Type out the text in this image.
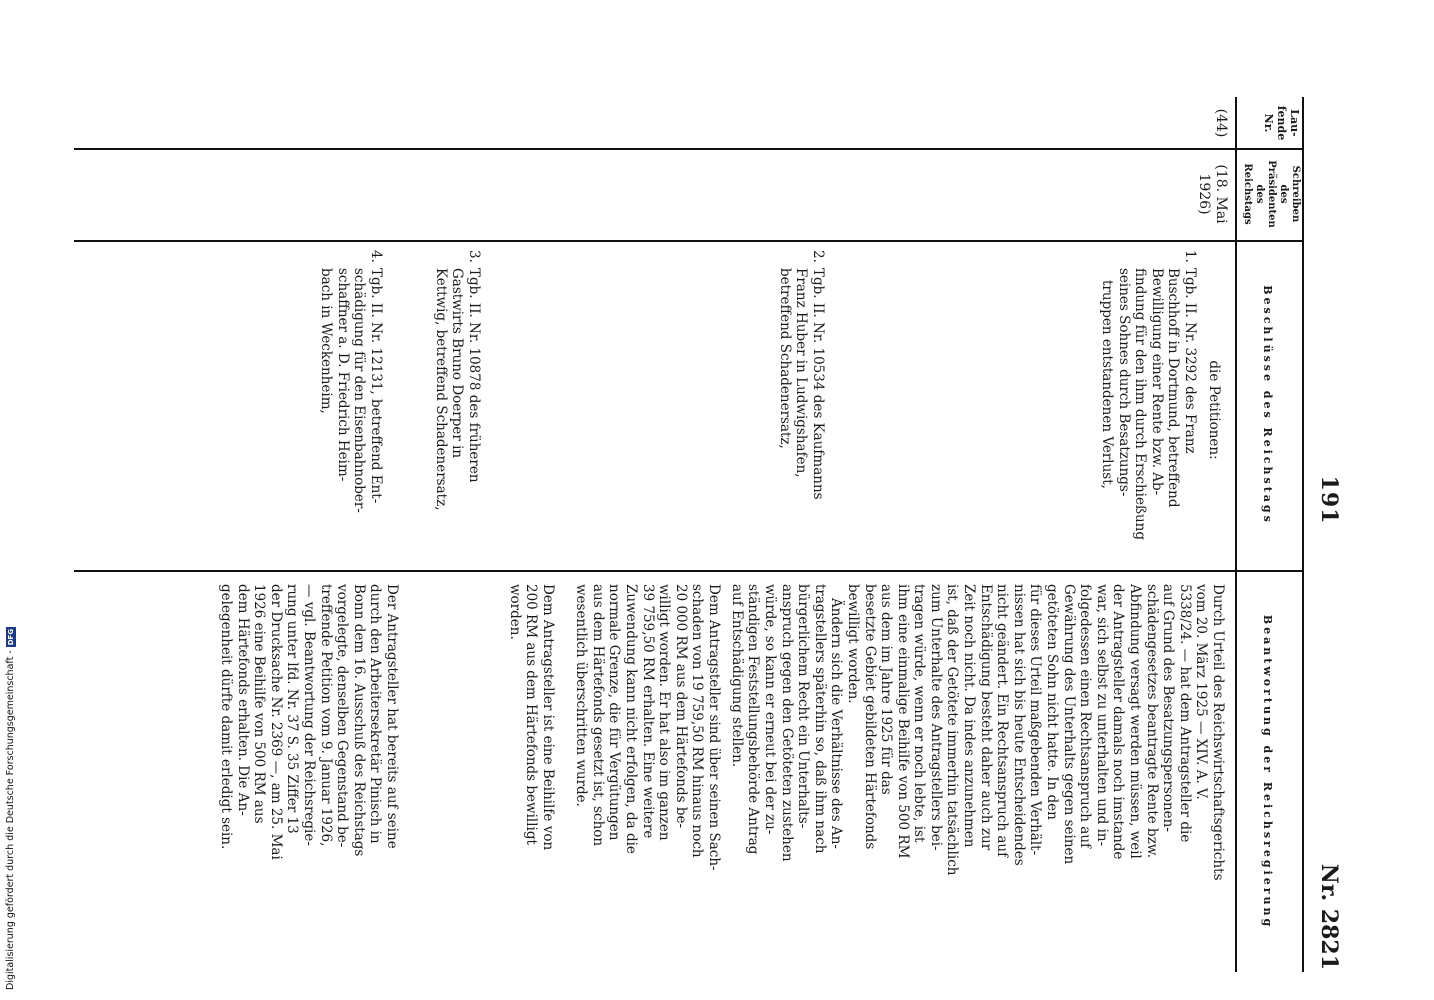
Digitalisierung gefördert durch die Deutsche Forschungsgemeinschaft -DFG
191
Nr. 2821
Lau-
fende
Nr.
Schreiben
des
Präsidenten
des
Reichstags
Beschlüsse des Reichstags
Beantwortung der Reichsregierung
(44)
(18. Mai
1926)
die Petitionen:
1.
Tgb. II. Nr. 3292 des Franz
Buschhoff in Dortmund, betreffend
Bewilligung einer Rente bzw. Ab-
findung für den ihm durch Erschießung
seines Sohnes durch Besatzungs-
truppen entstandenen Verlust,
2.
Tgb. II. Nr. 10534 des Kaufmanns
Franz Huber in Ludwigshafen,
betreffend Schadenersatz,
3.
Tgb. II. Nr. 10878 des früheren
Gastwirts Bruno Doerper in
Kettwig, betreffend Schadenersatz,
4.
Tgb. II. Nr. 12131, betreffend Ent-
schädigung für den Eisenbahnober-
schaffner a. D. Friedrich Heim-
bach in Weckenheim,
Durch Urteil des Reichswirtschaftsgerichts
vom 20. März 1925 — XIV. A. V.
5338/24. — hat dem Antragsteller die
auf Grund des Besatzungspersonen-
schädengesetzes beantragte Rente bzw.
Abfindung versagt werden müssen, weil
der Antragsteller damals noch imstande
war, sich selbst zu unterhalten und in-
folgedessen einen Rechtsanspruch auf
Gewährung des Unterhalts gegen seinen
getöteten Sohn nicht hatte. In den
für dieses Urteil maßgebenden Verhält-
nissen hat sich bis heute Entscheidendes
nicht geändert. Ein Rechtsanspruch auf
Entschädigung besteht daher auch zur
Zeit noch nicht. Da indes anzunehmen
ist, daß der Getötete immerhin tatsächlich
zum Unterhalte des Antragstellers bei-
tragen würde, wenn er noch lebte, ist
ihm eine einmalige Beihilfe von 500 RM
aus dem im Jahre 1925 für das
besetzte Gebiet gebildeten Härtefonds
bewilligt worden.
Ändern sich die Verhältnisse des An-
tragstellers späterhin so, daß ihm nach
bürgerlichem Recht ein Unterhalts-
anspruch gegen den Getöteten zustehen
würde, so kann er erneut bei der zu-
ständigen Feststellungsbehörde Antrag
auf Entschädigung stellen.
Dem Antragsteller sind über seinen Sach-
schaden von 19 759,50 RM hinaus noch
20 000 RM aus dem Härtefonds be-
willigt worden. Er hat also im ganzen
39 759,50 RM erhalten. Eine weitere
Zuwendung kann nicht erfolgen, da die
normale Grenze, die für Vergütungen
aus dem Härtefonds gesetzt ist, schon
wesentlich überschritten wurde.
Dem Antragsteller ist eine Beihilfe von
200 RM aus dem Härtefonds bewilligt
worden.
Der Antragsteller hat bereits auf seine
durch den Arbeitersekretär Pinisch in
Bonn dem 16. Ausschuß des Reichstags
vorgelegte, denselben Gegenstand be-
treffende Petition vom 9. Januar 1926,
— vgl. Beantwortung der Reichsregie-
rung unter lfd. Nr. 37 S. 35 Ziffer 13
der Drucksache Nr. 2369 —, am 25. Mai
1926 eine Beihilfe von 500 RM aus
dem Härtefonds erhalten. Die An-
gelegenheit dürfte damit erledigt sein.
